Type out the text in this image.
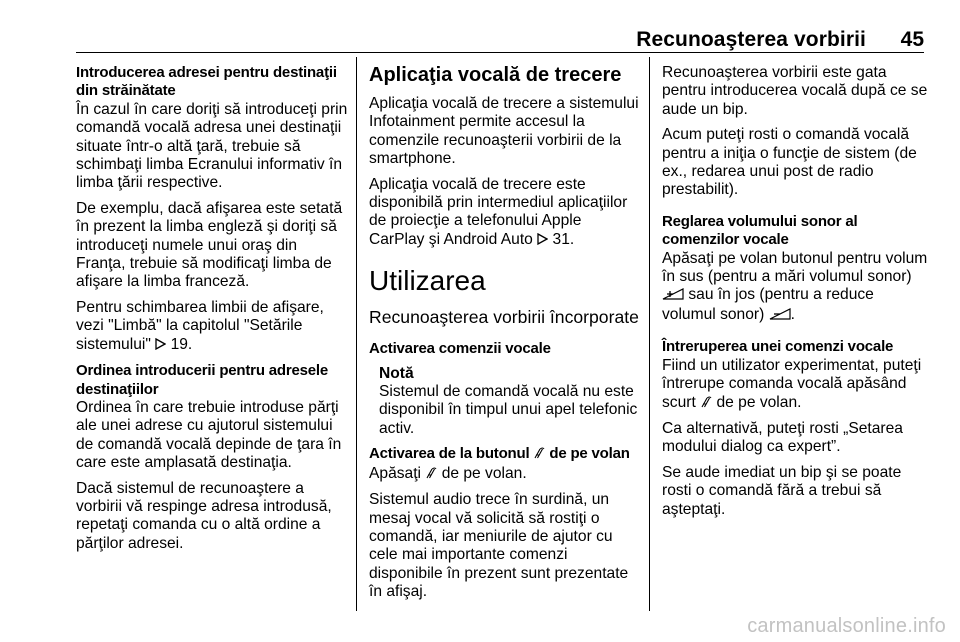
Recunoaşterea vorbirii 45
Introducerea adresei pentru destinaţii din străinătate

În cazul în care doriţi să introduceţi prin comandă vocală adresa unei destinaţii situate într-o altă ţară, trebuie să schimbaţi limba Ecranului informativ în limba ţării respective.

De exemplu, dacă afişarea este setată în prezent la limba engleză şi doriţi să introduceţi numele unui oraş din Franţa, trebuie să modificaţi limba de afişare la limba franceză.

Pentru schimbarea limbii de afişare, vezi "Limbă" la capitolul "Setările sistemului" 19.

Ordinea introducerii pentru adresele destinaţiilor

Ordinea în care trebuie introduse părţi ale unei adrese cu ajutorul sistemului de comandă vocală depinde de ţara în care este amplasată destinaţia.

Dacă sistemul de recunoaştere a vorbirii vă respinge adresa introdusă, repetaţi comanda cu o altă ordine a părţilor adresei.

Aplicaţia vocală de trecere

Aplicaţia vocală de trecere a sistemului Infotainment permite accesul la comenzile recunoaşterii vorbirii de la smartphone.

Aplicaţia vocală de trecere este disponibilă prin intermediul aplicaţiilor de proiecţie a telefonului Apple CarPlay şi Android Auto 31.

Utilizarea
Recunoaşterea vorbirii încorporate
Activarea comenzii vocale
Notă

Sistemul de comandă vocală nu este disponibil în timpul unui apel telefonic activ.

Activarea de la butonul de pe volan

Apăsaţi de pe volan.

Sistemul audio trece în surdină, un mesaj vocal vă solicită să rostiţi o comandă, iar meniurile de ajutor cu cele mai importante comenzi disponibile în prezent sunt prezentate în afişaj.

Recunoaşterea vorbirii este gata pentru introducerea vocală după ce se aude un bip.

Acum puteţi rosti o comandă vocală pentru a iniţia o funcţie de sistem (de ex., redarea unui post de radio prestabilit).

Reglarea volumului sonor al comenzilor vocale

Apăsaţi pe volan butonul pentru volum în sus (pentru a mări volumul sonor)  sau în jos (pentru a reduce volumul sonor) .

Întreruperea unei comenzi vocale

Fiind un utilizator experimentat, puteţi întrerupe comanda vocală apăsând scurt de pe volan.

Ca alternativă, puteţi rosti „Setarea modului dialog ca expert”.

Se aude imediat un bip şi se poate rosti o comandă fără a trebui să aşteptaţi.

carmanualsonline.info
